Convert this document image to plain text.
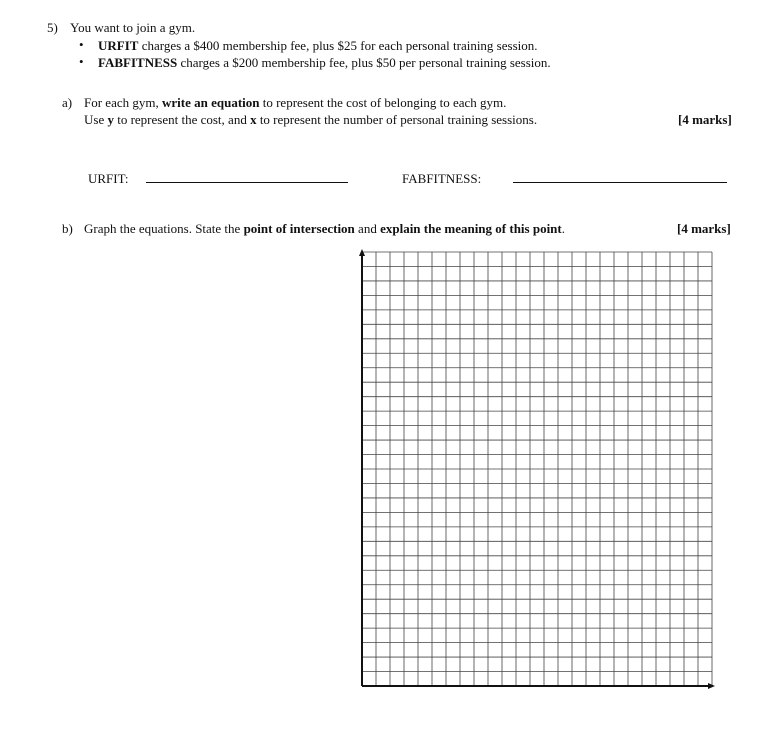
5) You want to join a gym.
• URFIT charges a $400 membership fee, plus $25 for each personal training session.
• FABFITNESS charges a $200 membership fee, plus $50 per personal training session.
a) For each gym, write an equation to represent the cost of belonging to each gym.
Use y to represent the cost, and x to represent the number of personal training sessions.	[4 marks]
URFIT:	FABFITNESS:
b) Graph the equations. State the point of intersection and explain the meaning of this point.	[4 marks]
